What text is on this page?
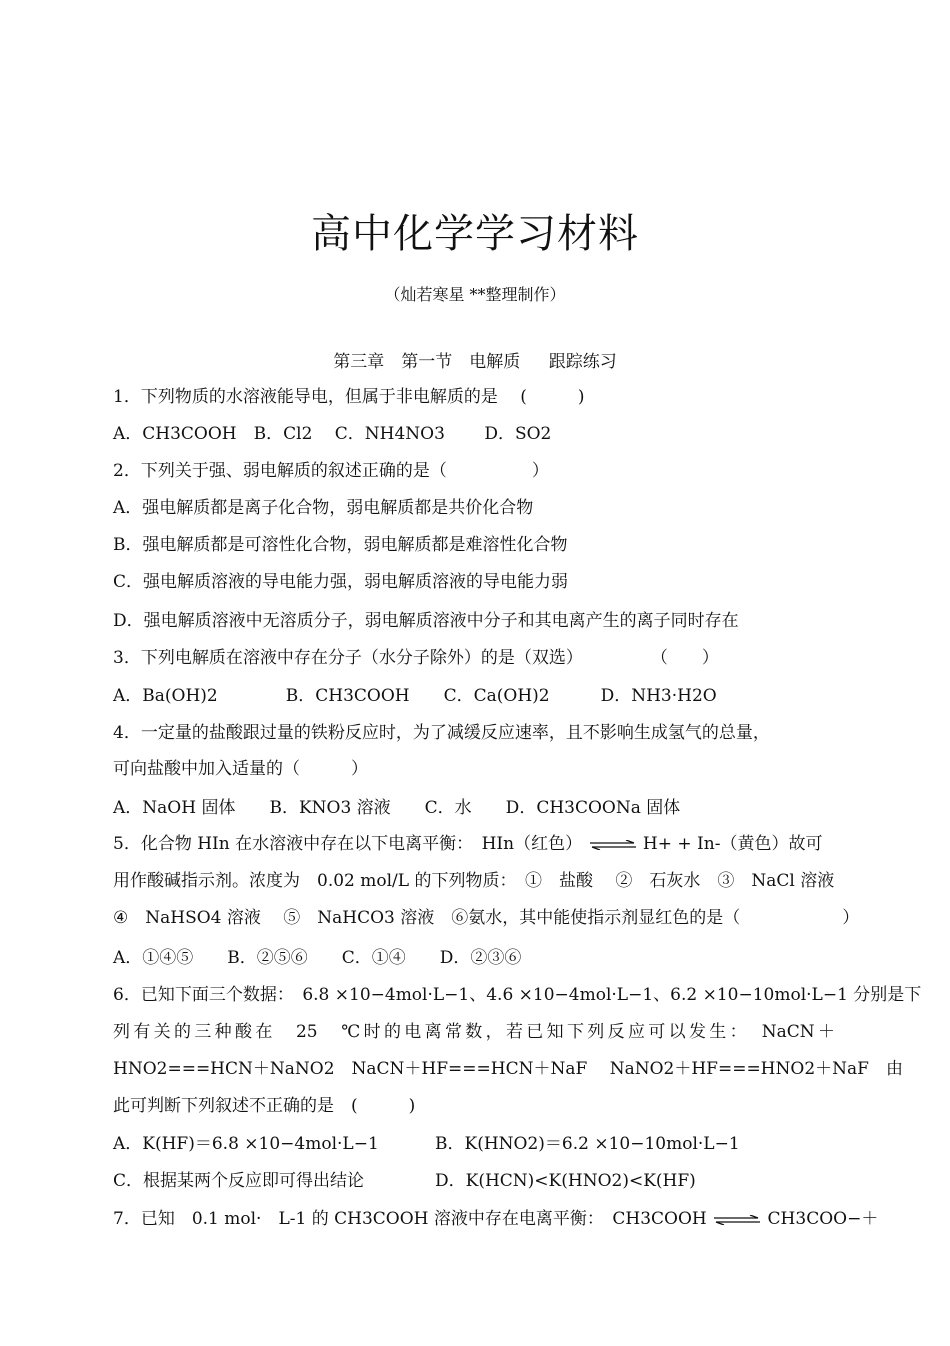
高中化学学习材料
（灿若寒星 **整理制作）
第三章　第一节　电解质　 跟踪练习
1．下列物质的水溶液能导电，但属于非电解质的是　 (　　　)
A．CH3COOH　B．Cl2　 C．NH4NO3　　 D．SO2
2．下列关于强、弱电解质的叙述正确的是（　　　　　）
A．强电解质都是离子化合物，弱电解质都是共价化合物
B．强电解质都是可溶性化合物，弱电解质都是难溶性化合物
C．强电解质溶液的导电能力强，弱电解质溶液的导电能力弱
D．强电解质溶液中无溶质分子，弱电解质溶液中分子和其电离产生的离子同时存在
3．下列电解质在溶液中存在分子（水分子除外）的是（双选）　　　　　（　　）
A．Ba(OH)2　　　　B．CH3COOH　　C．Ca(OH)2　　　D．NH3·H2O
4．一定量的盐酸跟过量的铁粉反应时，为了减缓反应速率，且不影响生成氢气的总量，
可向盐酸中加入适量的（　　　）
A．NaOH 固体　　B．KNO3 溶液　　C．水　　D．CH3COONa 固体
5．化合物 HIn 在水溶液中存在以下电离平衡：　HIn（红色） ⇌ H+ + In-（黄色）故可
用作酸碱指示剂。浓度为　0.02 mol/L 的下列物质：　①　盐酸　 ②　石灰水　③　NaCl 溶液
④　NaHSO4 溶液　 ⑤　NaHCO3 溶液　⑥氨水，其中能使指示剂显红色的是（　　　　　　）
A．①④⑤　　B．②⑤⑥　　C．①④　　D．②③⑥
6．已知下面三个数据：　6.8 ×10−4mol·L−1、4.6 ×10−4mol·L−1、6.2 ×10−10mol·L−1 分别是下
列有关的三种酸在　25　℃时的电离常数，若已知下列反应可以发生：　NaCN＋
HNO2===HCN＋NaNO2　NaCN＋HF===HCN＋NaF　 NaNO2＋HF===HNO2＋NaF　由
此可判断下列叙述不正确的是　(　　　)
A．K(HF)＝6.8 ×10−4mol·L−1	B．K(HNO2)＝6.2 ×10−10mol·L−1
C．根据某两个反应即可得出结论	D．K(HCN)<K(HNO2)<K(HF)
7．已知　0.1 mol·　L-1 的 CH3COOH 溶液中存在电离平衡：　CH3COOH ⇌ CH3COO−＋
